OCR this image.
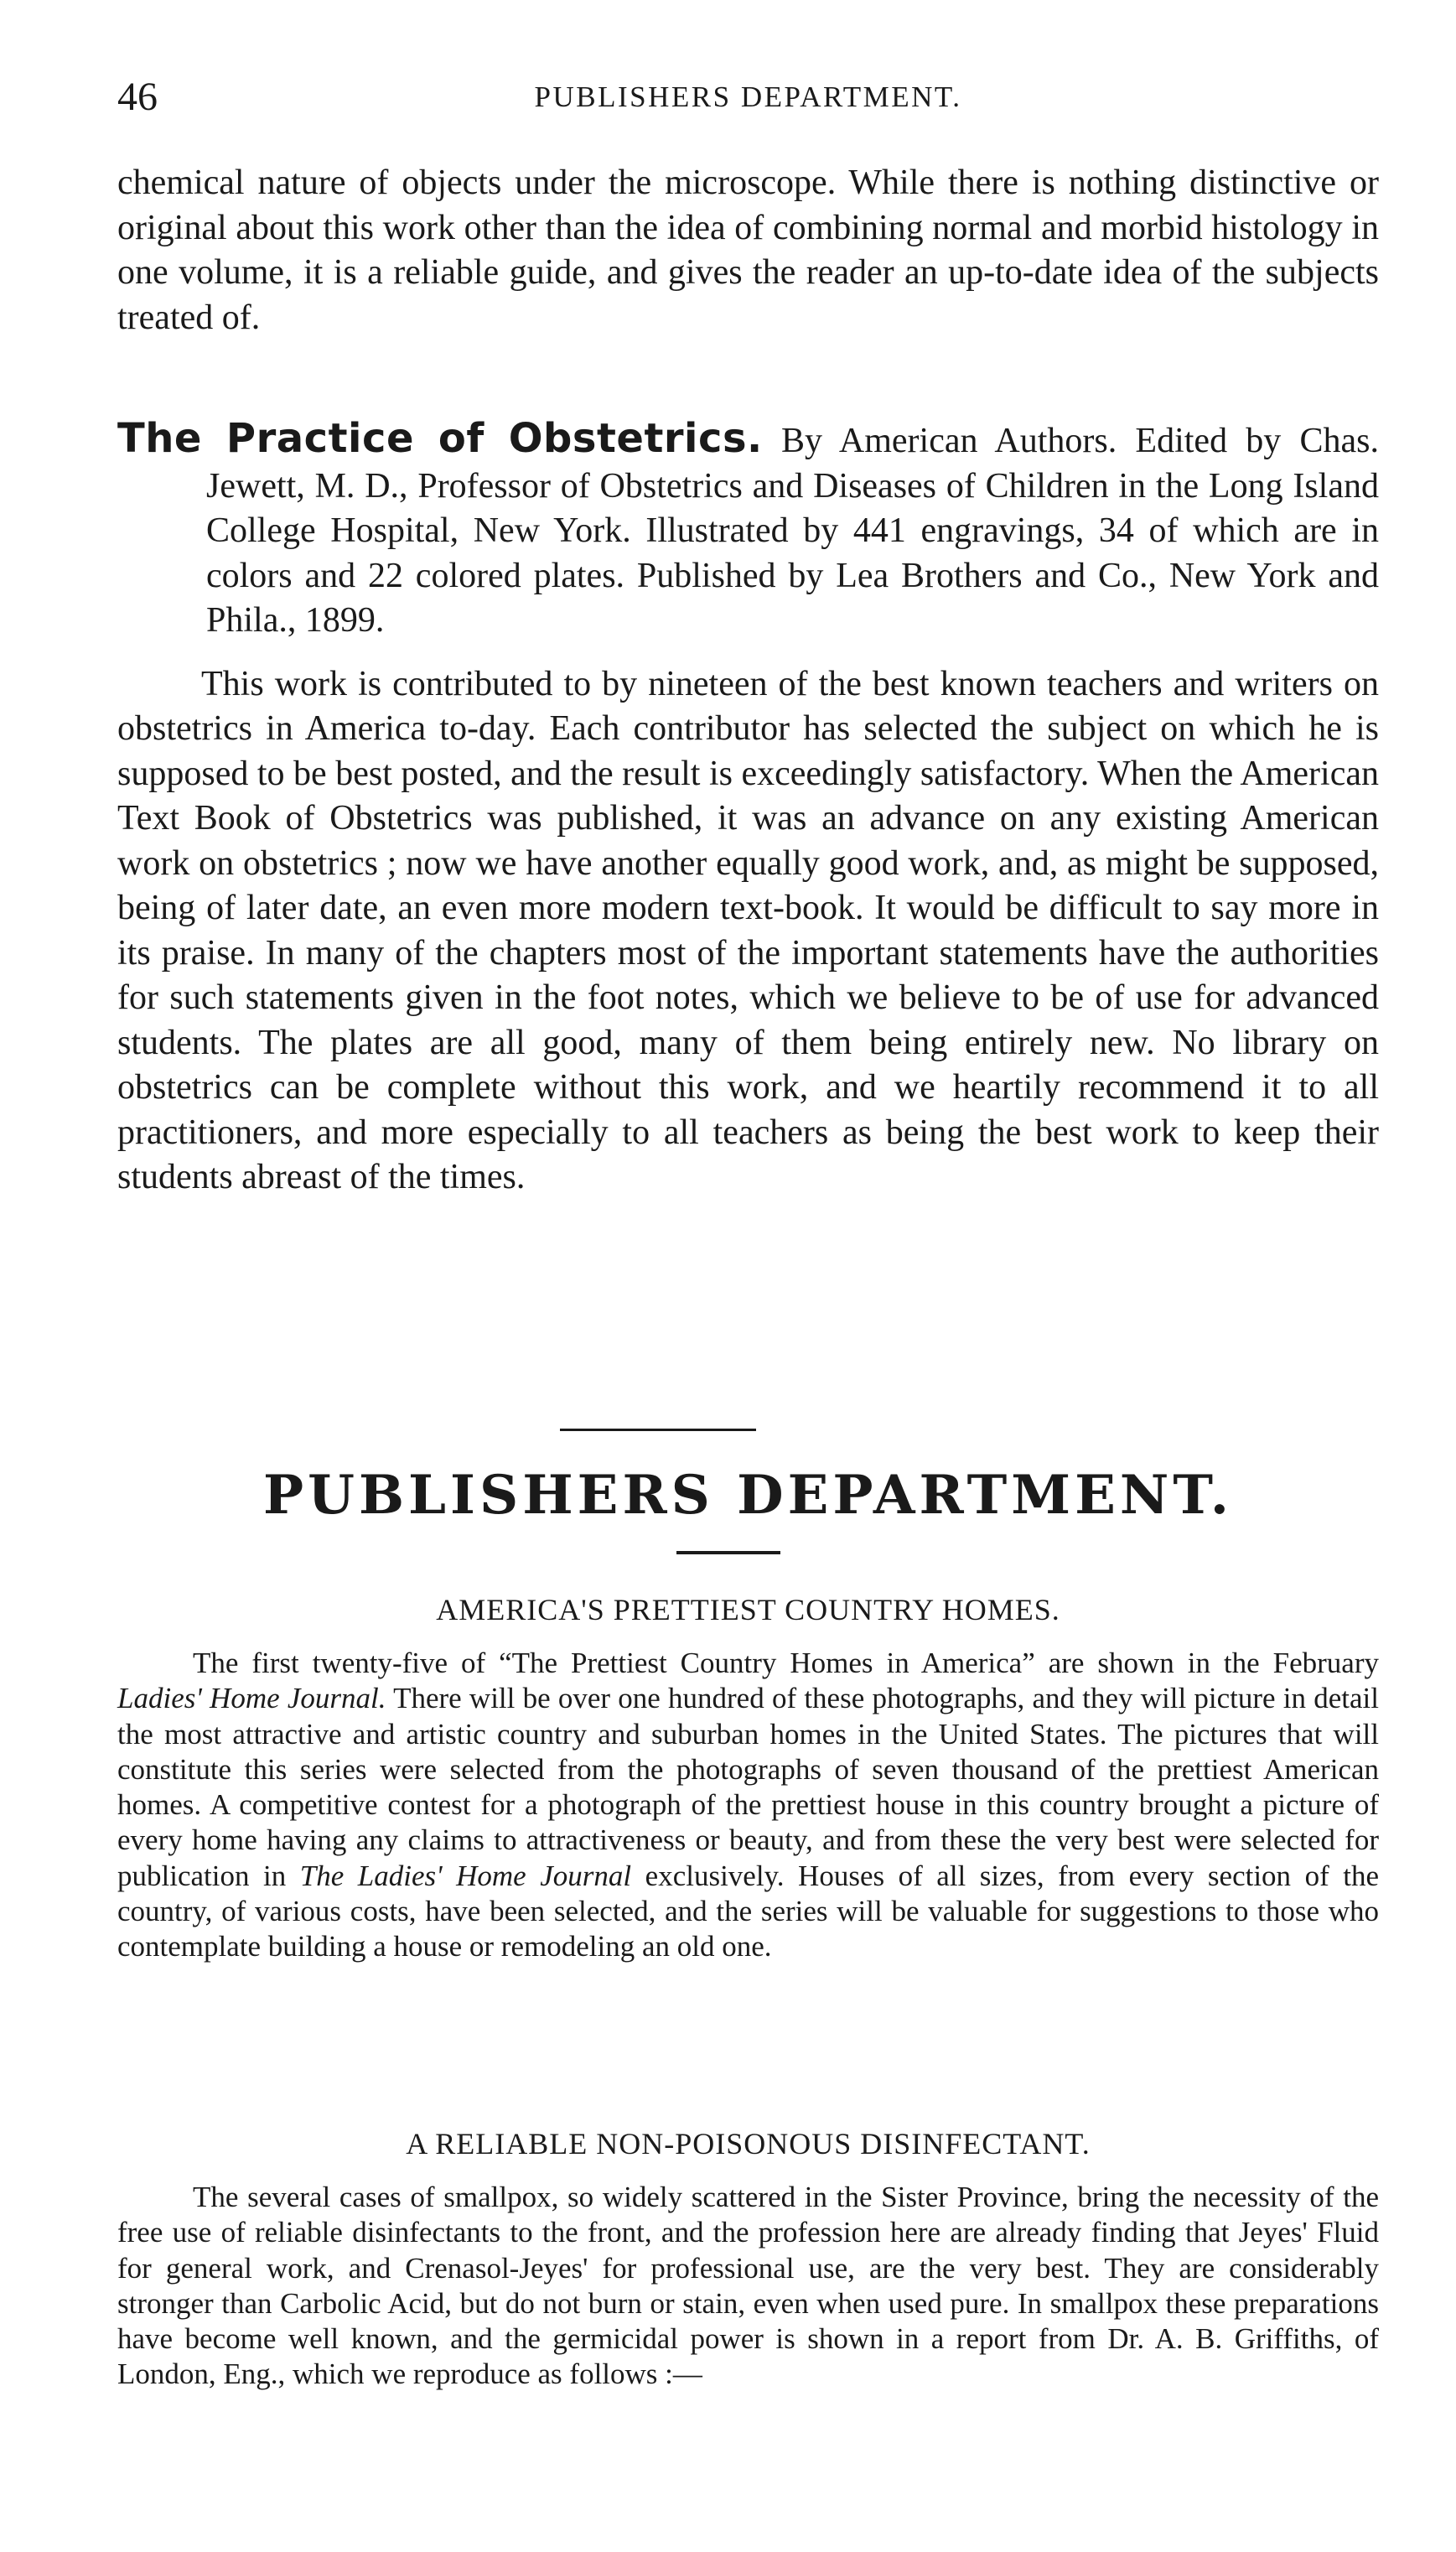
46	PUBLISHERS DEPARTMENT.

chemical nature of objects under the microscope. While there is nothing distinctive or original about this work other than the idea of combining normal and morbid histology in one volume, it is a reliable guide, and gives the reader an up-to-date idea of the subjects treated of.

The Practice of Obstetrics. By American Authors. Edited by Chas. Jewett, M. D., Professor of Obstetrics and Diseases of Children in the Long Island College Hospital, New York. Illustrated by 441 engravings, 34 of which are in colors and 22 colored plates. Published by Lea Brothers and Co., New York and Phila., 1899.

This work is contributed to by nineteen of the best known teachers and writers on obstetrics in America to-day. Each contributor has selected the subject on which he is supposed to be best posted, and the result is exceedingly satisfactory. When the American Text Book of Obstetrics was published, it was an advance on any existing American work on obstetrics ; now we have another equally good work, and, as might be supposed, being of later date, an even more modern text-book. It would be difficult to say more in its praise. In many of the chapters most of the important statements have the authorities for such statements given in the foot notes, which we believe to be of use for advanced students. The plates are all good, many of them being entirely new. No library on obstetrics can be complete without this work, and we heartily recommend it to all practitioners, and more especially to all teachers as being the best work to keep their students abreast of the times.

PUBLISHERS DEPARTMENT.
AMERICA'S PRETTIEST COUNTRY HOMES.

The first twenty-five of “The Prettiest Country Homes in America” are shown in the February Ladies' Home Journal. There will be over one hundred of these photographs, and they will picture in detail the most attractive and artistic country and suburban homes in the United States. The pictures that will constitute this series were selected from the photographs of seven thousand of the prettiest American homes. A competitive contest for a photograph of the prettiest house in this country brought a picture of every home having any claims to attractiveness or beauty, and from these the very best were selected for publication in The Ladies' Home Journal exclusively. Houses of all sizes, from every section of the country, of various costs, have been selected, and the series will be valuable for suggestions to those who contemplate building a house or remodeling an old one.

A RELIABLE NON-POISONOUS DISINFECTANT.

The several cases of smallpox, so widely scattered in the Sister Province, bring the necessity of the free use of reliable disinfectants to the front, and the profession here are already finding that Jeyes' Fluid for general work, and Crenasol-Jeyes' for professional use, are the very best. They are considerably stronger than Carbolic Acid, but do not burn or stain, even when used pure. In smallpox these preparations have become well known, and the germicidal power is shown in a report from Dr. A. B. Griffiths, of London, Eng., which we reproduce as follows :—
